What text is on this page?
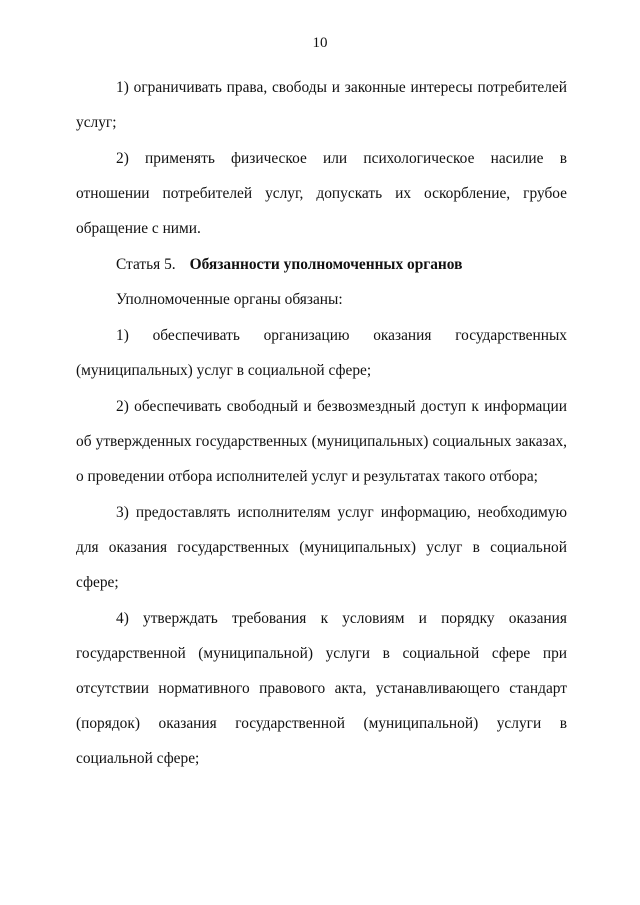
10

1) ограничивать права, свободы и законные интересы потребителей услуг;

2) применять физическое или психологическое насилие в отношении потребителей услуг, допускать их оскорбление, грубое обращение с ними.

Статья 5. Обязанности уполномоченных органов

Уполномоченные органы обязаны:

1) обеспечивать организацию оказания государственных (муниципальных) услуг в социальной сфере;

2) обеспечивать свободный и безвозмездный доступ к информации об утвержденных государственных (муниципальных) социальных заказах, о проведении отбора исполнителей услуг и результатах такого отбора;

3) предоставлять исполнителям услуг информацию, необходимую для оказания государственных (муниципальных) услуг в социальной сфере;

4) утверждать требования к условиям и порядку оказания государственной (муниципальной) услуги в социальной сфере при отсутствии нормативного правового акта, устанавливающего стандарт (порядок) оказания государственной (муниципальной) услуги в социальной сфере;
